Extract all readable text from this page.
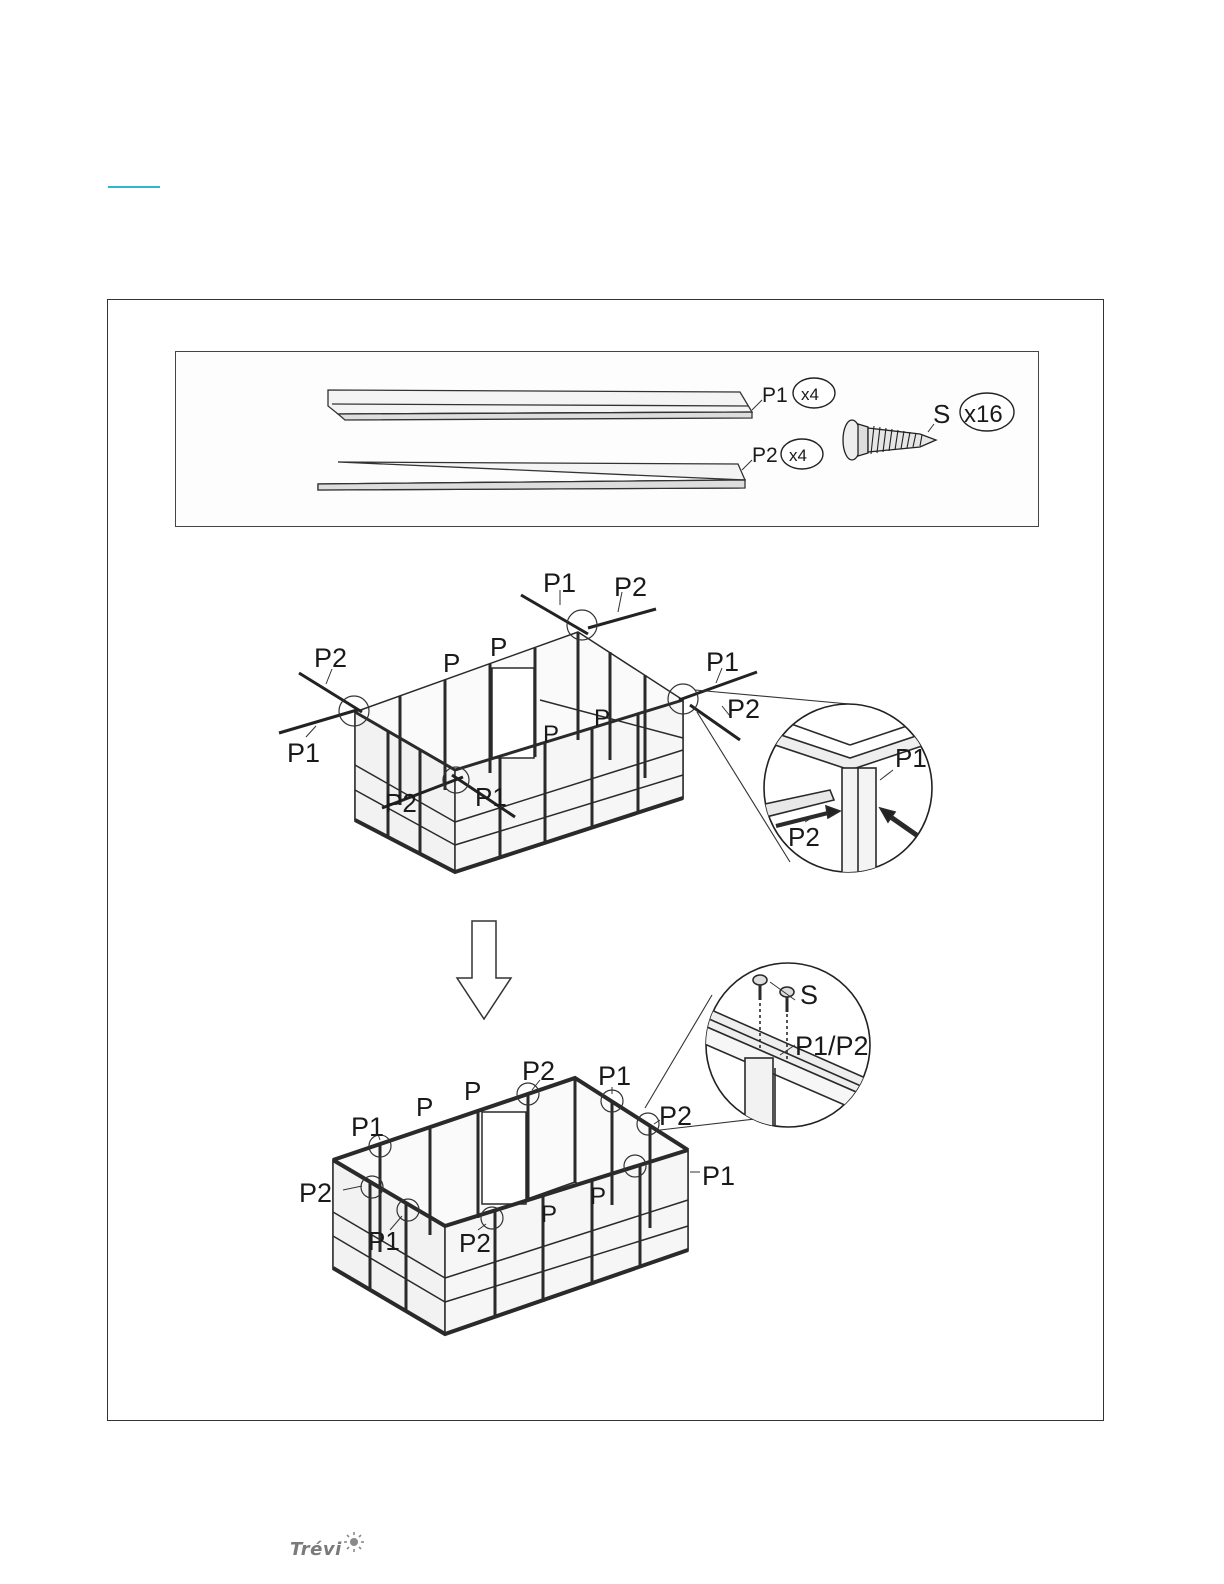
P1 x4
P2 x4
S x16
P1 P2
P2
P1
P1
P2
P
P
P
P
P2 P1
P1
P2
P2 P1
P2
P1
P1
P2
P1 P2
P
P
P
P
S
P1/P2
Trévi
